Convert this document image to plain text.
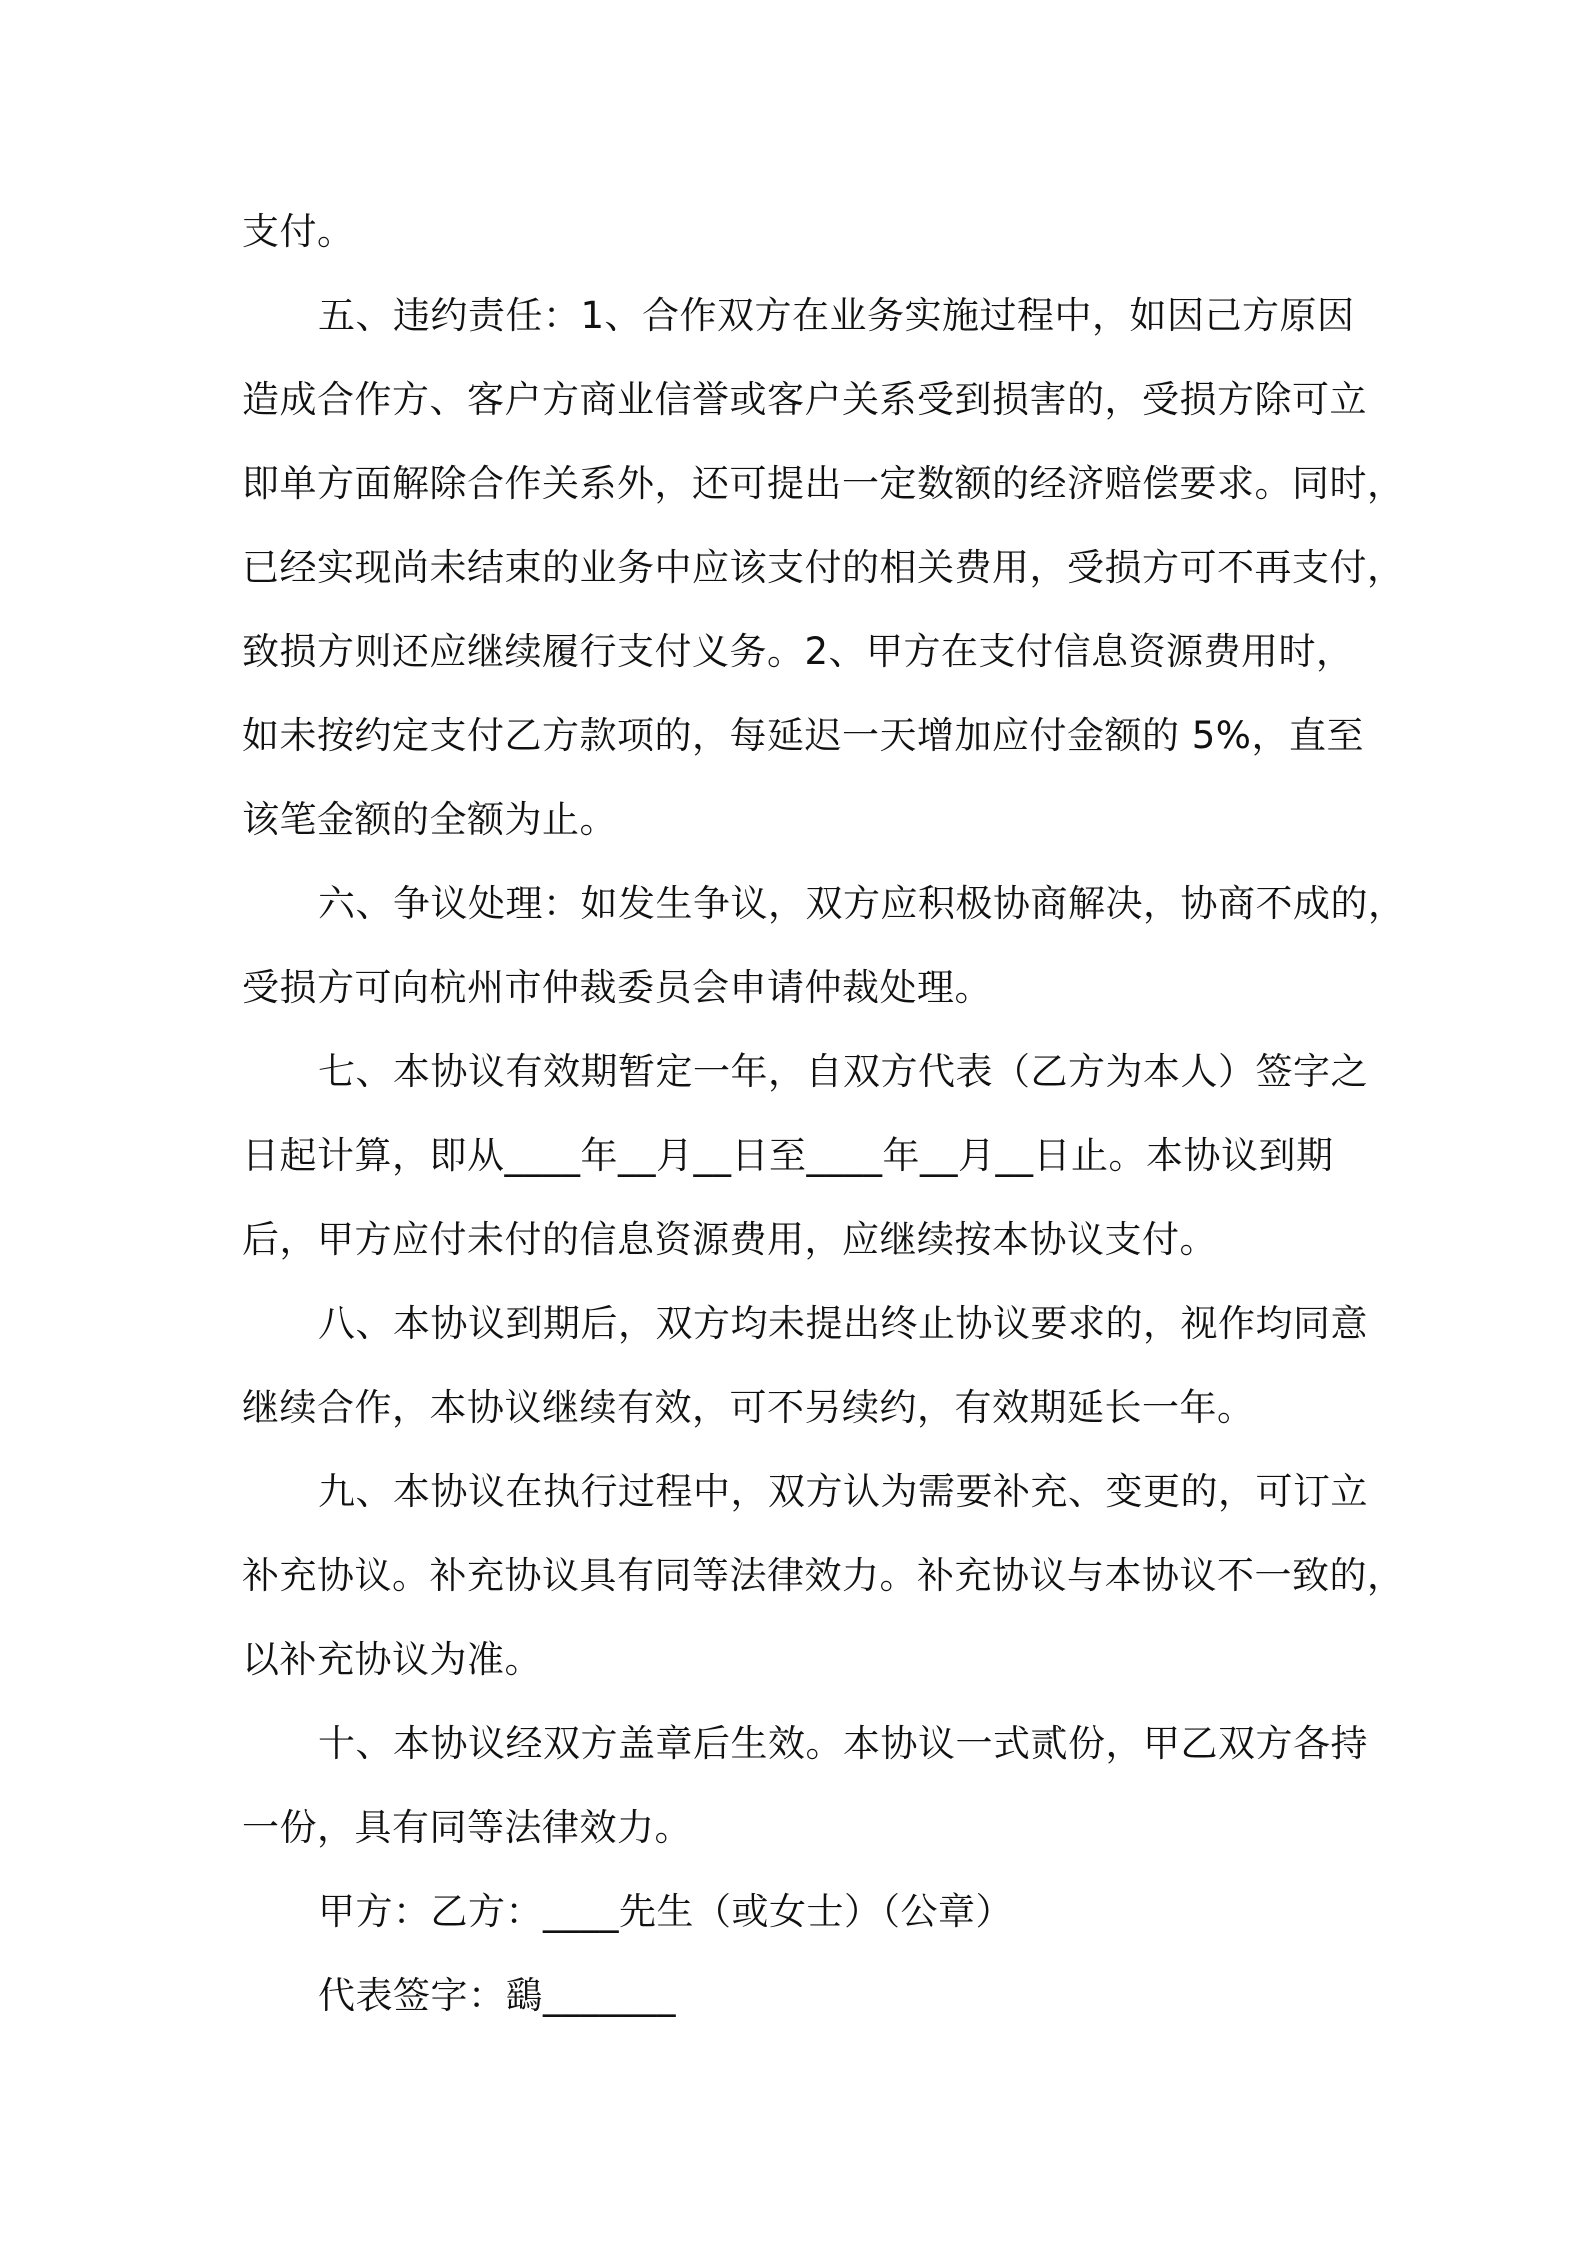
支付。
五、违约责任：1、合作双方在业务实施过程中，如因己方原因
造成合作方、客户方商业信誉或客户关系受到损害的，受损方除可立
即单方面解除合作关系外，还可提出一定数额的经济赔偿要求。同时，
已经实现尚未结束的业务中应该支付的相关费用，受损方可不再支付，
致损方则还应继续履行支付义务。2、甲方在支付信息资源费用时，
如未按约定支付乙方款项的，每延迟一天增加应付金额的 5%，直至
该笔金额的全额为止。
六、争议处理：如发生争议，双方应积极协商解决，协商不成的，
受损方可向杭州市仲裁委员会申请仲裁处理。
七、本协议有效期暂定一年，自双方代表（乙方为本人）签字之
日起计算，即从____年__月__日至____年__月__日止。本协议到期
后，甲方应付未付的信息资源费用，应继续按本协议支付。
八、本协议到期后，双方均未提出终止协议要求的，视作均同意
继续合作，本协议继续有效，可不另续约，有效期延长一年。
九、本协议在执行过程中，双方认为需要补充、变更的，可订立
补充协议。补充协议具有同等法律效力。补充协议与本协议不一致的，
以补充协议为准。
十、本协议经双方盖章后生效。本协议一式贰份，甲乙双方各持
一份，具有同等法律效力。
甲方：乙方：____先生（或女士）（公章）
代表签字：鷂_______
